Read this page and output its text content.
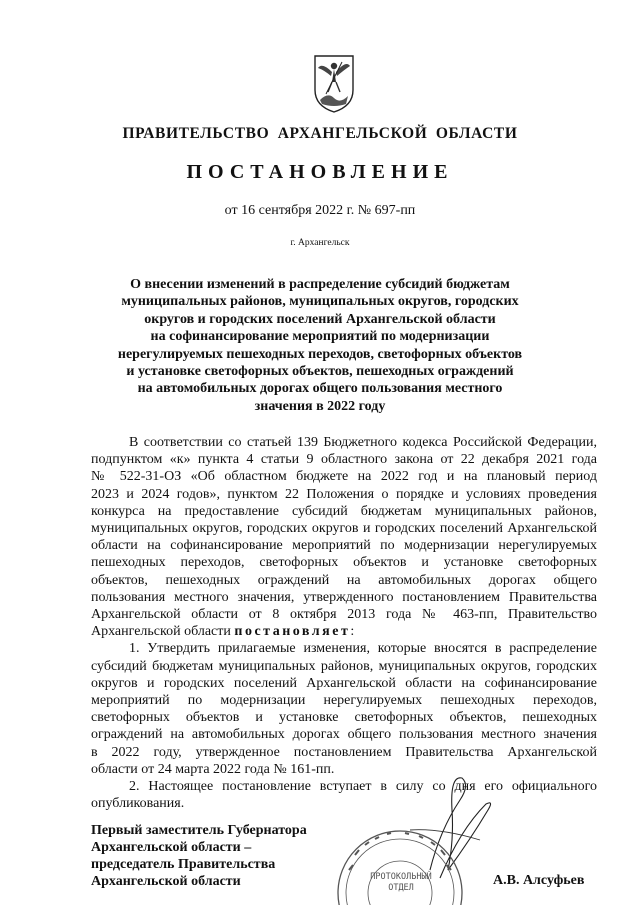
ПРАВИТЕЛЬСТВО АРХАНГЕЛЬСКОЙ ОБЛАСТИ
ПОСТАНОВЛЕНИЕ
от 16 сентября 2022 г. № 697-пп
г. Архангельск
О внесении изменений в распределение субсидий бюджетам
муниципальных районов, муниципальных округов, городских
округов и городских поселений Архангельской области
на софинансирование мероприятий по модернизации
нерегулируемых пешеходных переходов, светофорных объектов
и установке светофорных объектов, пешеходных ограждений
на автомобильных дорогах общего пользования местного
значения в 2022 году
В соответствии со статьей 139 Бюджетного кодекса Российской Федерации,
подпунктом «к» пункта 4 статьи 9 областного закона от 22 декабря 2021 года
№ 522-31-ОЗ «Об областном бюджете на 2022 год и на плановый период
2023 и 2024 годов», пунктом 22 Положения о порядке и условиях проведения
конкурса на предоставление субсидий бюджетам муниципальных районов,
муниципальных округов, городских округов и городских поселений Архангельской
области на софинансирование мероприятий по модернизации нерегулируемых
пешеходных переходов, светофорных объектов и установке светофорных
объектов, пешеходных ограждений на автомобильных дорогах общего
пользования местного значения, утвержденного постановлением Правительства
Архангельской области от 8 октября 2013 года № 463-пп, Правительство
Архангельской области постановляет:
1. Утвердить прилагаемые изменения, которые вносятся в распределение
субсидий бюджетам муниципальных районов, муниципальных округов, городских
округов и городских поселений Архангельской области на софинансирование
мероприятий по модернизации нерегулируемых пешеходных переходов,
светофорных объектов и установке светофорных объектов, пешеходных
ограждений на автомобильных дорогах общего пользования местного значения
в 2022 году, утвержденное постановлением Правительства Архангельской
области от 24 марта 2022 года № 161-пп.
2. Настоящее постановление вступает в силу со дня его официального
опубликования.
ПРОТОКОЛЬНЫЙ ОТДЕЛ
Первый заместитель Губернатора
Архангельской области –
председатель Правительства
Архангельской области	А.В. Алсуфьев
